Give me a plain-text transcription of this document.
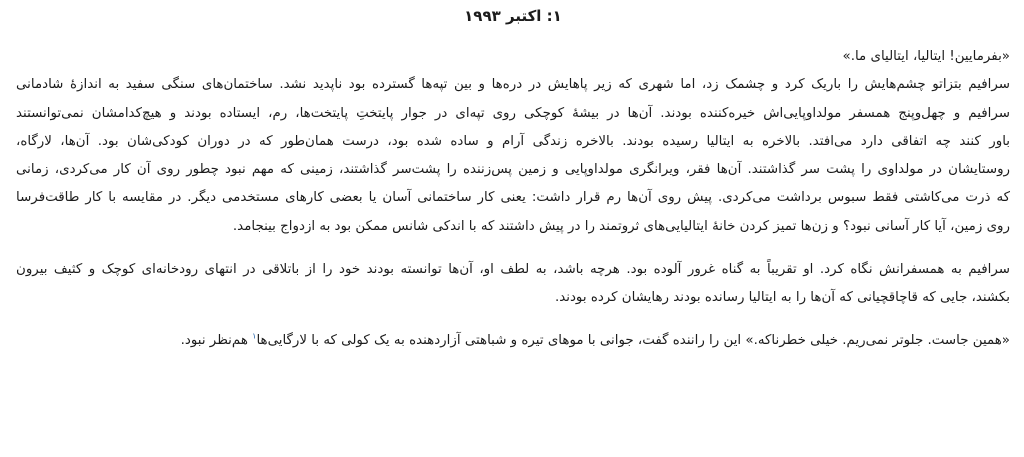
۱: اکتبر ۱۹۹۳

«بفرمایین! ایتالیا، ایتالیای ما.»

سرافیم بتزاتو چشم‌هایش را باریک کرد و چشمک زد، اما شهری که زیر پاهایش در دره‌ها و بین تپه‌ها گسترده بود ناپدید نشد. ساختمان‌های سنگی سفید به اندازهٔ شادمانی
سرافیم و چهل‌وپنج همسفر مولداوپایی‌اش خیره‌کننده بودند. آن‌ها در بیشهٔ کوچکی روی تپه‌ای در جوار پایتختِ پایتخت‌ها، رم، ایستاده بودند و هیچ‌کدامشان نمی‌توانستند
باور کنند چه اتفاقی دارد می‌افتد. بالاخره به ایتالیا رسیده بودند. بالاخره زندگی آرام و ساده شده بود، درست همان‌طور که در دوران کودکی‌شان بود. آن‌ها، لارگاه،
روستایشان در مولداوی را پشت سر گذاشتند. آن‌ها فقر، ویرانگری مولداوپایی و زمین پس‌زننده را پشت‌سر گذاشتند، زمینی که مهم نبود چطور روی آن کار می‌کردی، زمانی
که ذرت می‌کاشتی فقط سبوس برداشت می‌کردی. پیش روی آن‌ها رم قرار داشت: یعنی کار ساختمانی آسان یا بعضی کارهای مستخدمی دیگر. در مقایسه با کار طاقت‌فرسا
روی زمین، آیا کار آسانی نبود؟ و زن‌ها تمیز کردن خانهٔ ایتالیایی‌های ثروتمند را در پیش داشتند که با اندکی شانس ممکن بود به ازدواج بینجامد.

سرافیم به همسفرانش نگاه کرد. او تقریباً به گناه غرور آلوده بود. هرچه باشد، به لطف او، آن‌ها توانسته بودند خود را از باتلاقی در انتهای رودخانه‌ای کوچک و کثیف بیرون
بکشند، جایی که قاچاقچیانی که آن‌ها را به ایتالیا رسانده بودند رهایشان کرده بودند.

«همین جاست. جلوتر نمی‌ریم. خیلی خطرناکه.» این را راننده گفت، جوانی با موهای تیره و شباهتی آزاردهنده به یک کولی که با لارگایی‌ها$^۱$ هم‌نظر نبود.
